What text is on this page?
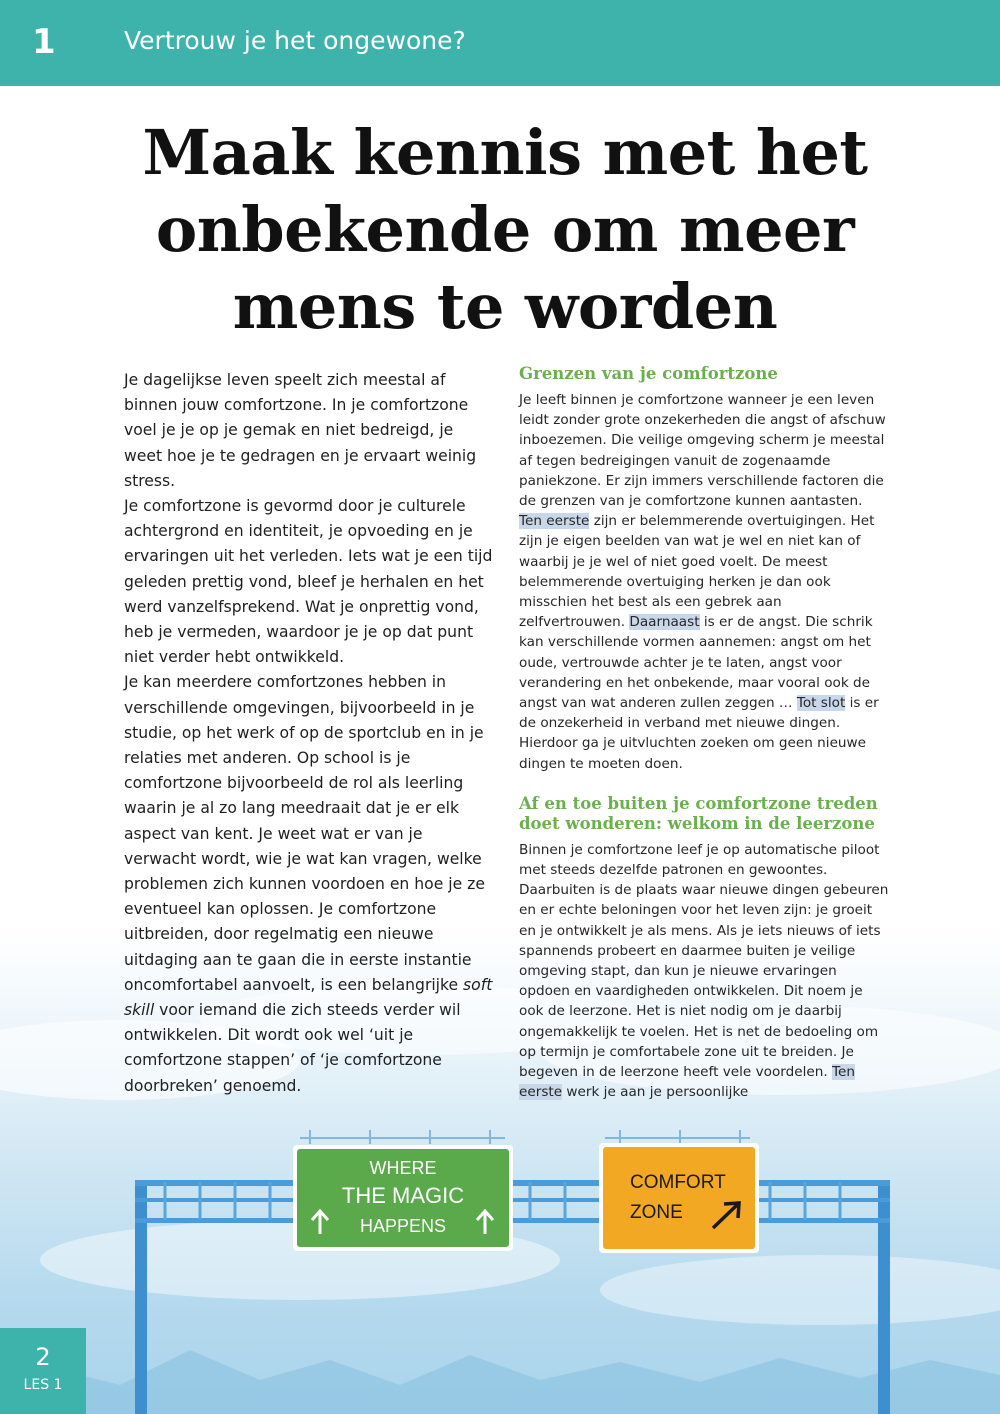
1	Vertrouw je het ongewone?
Maak kennis met het onbekende om meer mens te worden

Je dagelijkse leven speelt zich meestal af binnen jouw comfortzone. In je comfortzone voel je je op je gemak en niet bedreigd, je weet hoe je te gedragen en je ervaart weinig stress.

Je comfortzone is gevormd door je culturele achtergrond en identiteit, je opvoeding en je ervaringen uit het verleden. Iets wat je een tijd geleden prettig vond, bleef je herhalen en het werd vanzelfsprekend. Wat je onprettig vond, heb je vermeden, waardoor je je op dat punt niet verder hebt ontwikkeld.

Je kan meerdere comfortzones hebben in verschillende omgevingen, bijvoorbeeld in je studie, op het werk of op de sportclub en in je relaties met anderen. Op school is je comfortzone bijvoorbeeld de rol als leerling waarin je al zo lang meedraait dat je er elk aspect van kent. Je weet wat er van je verwacht wordt, wie je wat kan vragen, welke problemen zich kunnen voordoen en hoe je ze eventueel kan oplossen. Je comfortzone uitbreiden, door regelmatig een nieuwe uitdaging aan te gaan die in eerste instantie oncomfortabel aanvoelt, is een belangrijke soft skill voor iemand die zich steeds verder wil ontwikkelen. Dit wordt ook wel ‘uit je comfortzone stappen’ of ‘je comfortzone doorbreken’ genoemd.

Grenzen van je comfortzone

Je leeft binnen je comfortzone wanneer je een leven leidt zonder grote onzekerheden die angst of afschuw inboezemen. Die veilige omgeving scherm je meestal af tegen bedreigingen vanuit de zogenaamde paniekzone. Er zijn immers verschillende factoren die de grenzen van je comfortzone kunnen aantasten. Ten eerste zijn er belemmerende overtuigingen. Het zijn je eigen beelden van wat je wel en niet kan of waarbij je je wel of niet goed voelt. De meest belemmerende overtuiging herken je dan ook misschien het best als een gebrek aan zelfvertrouwen. Daarnaast is er de angst. Die schrik kan verschillende vormen aannemen: angst om het oude, vertrouwde achter je te laten, angst voor verandering en het onbekende, maar vooral ook de angst van wat anderen zullen zeggen … Tot slot is er de onzekerheid in verband met nieuwe dingen. Hierdoor ga je uitvluchten zoeken om geen nieuwe dingen te moeten doen.

Af en toe buiten je comfortzone treden doet wonderen: welkom in de leerzone

Binnen je comfortzone leef je op automatische piloot met steeds dezelfde patronen en gewoontes. Daarbuiten is de plaats waar nieuwe dingen gebeuren en er echte beloningen voor het leven zijn: je groeit en je ontwikkelt je als mens. Als je iets nieuws of iets spannends probeert en daarmee buiten je veilige omgeving stapt, dan kun je nieuwe ervaringen opdoen en vaardigheden ontwikkelen. Dit noem je ook de leerzone. Het is niet nodig om je daarbij ongemakkelijk te voelen. Het is net de bedoeling om op termijn je comfortabele zone uit te breiden. Je begeven in de leerzone heeft vele voordelen. Ten eerste werk je aan je persoonlijke

WHERE
THE MAGIC
HAPPENS
COMFORT
ZONE
2
LES 1
